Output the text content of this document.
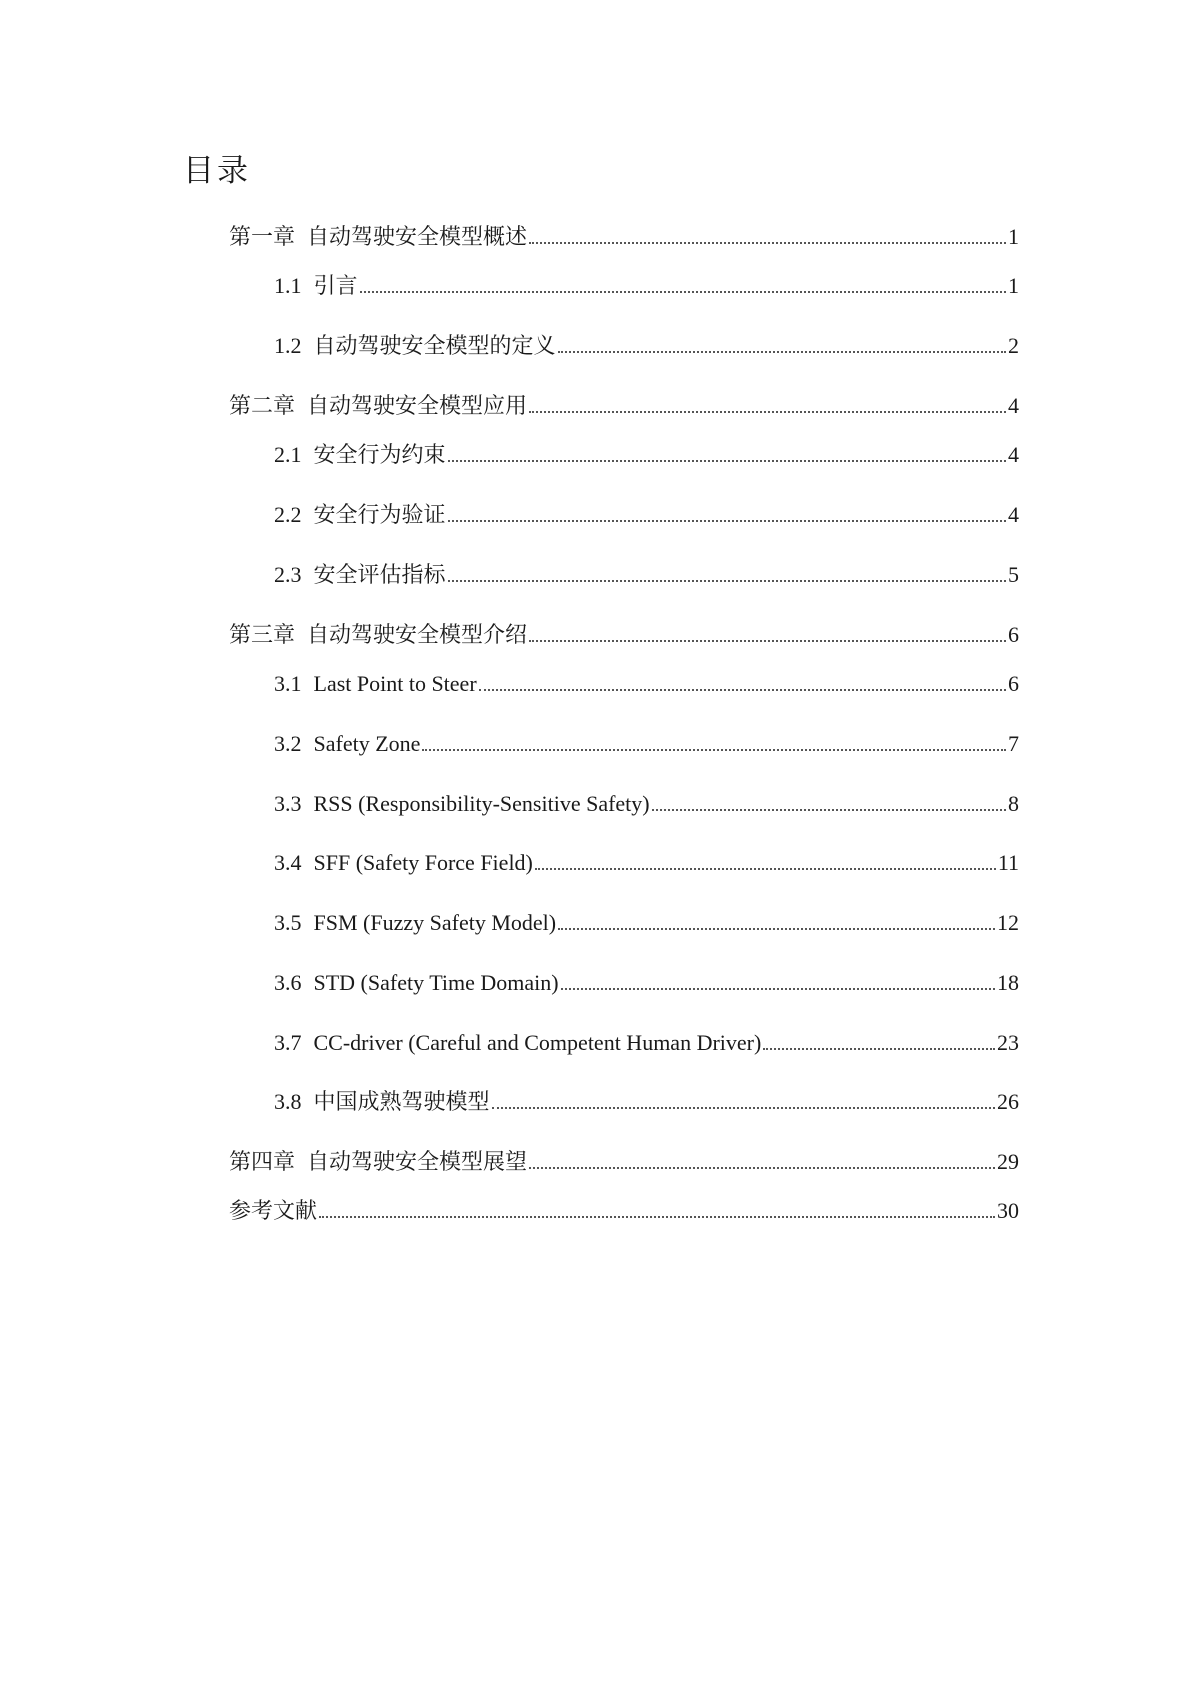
目录
第一章 自动驾驶安全模型概述	1
1.1 引言	1
1.2 自动驾驶安全模型的定义	2
第二章 自动驾驶安全模型应用	4
2.1 安全行为约束	4
2.2 安全行为验证	4
2.3 安全评估指标	5
第三章 自动驾驶安全模型介绍	6
3.1 Last Point to Steer	6
3.2 Safety Zone	7
3.3 RSS (Responsibility-Sensitive Safety)	8
3.4 SFF (Safety Force Field)	11
3.5 FSM (Fuzzy Safety Model)	12
3.6 STD (Safety Time Domain)	18
3.7 CC-driver (Careful and Competent Human Driver)	23
3.8 中国成熟驾驶模型	26
第四章 自动驾驶安全模型展望	29
参考文献	30
